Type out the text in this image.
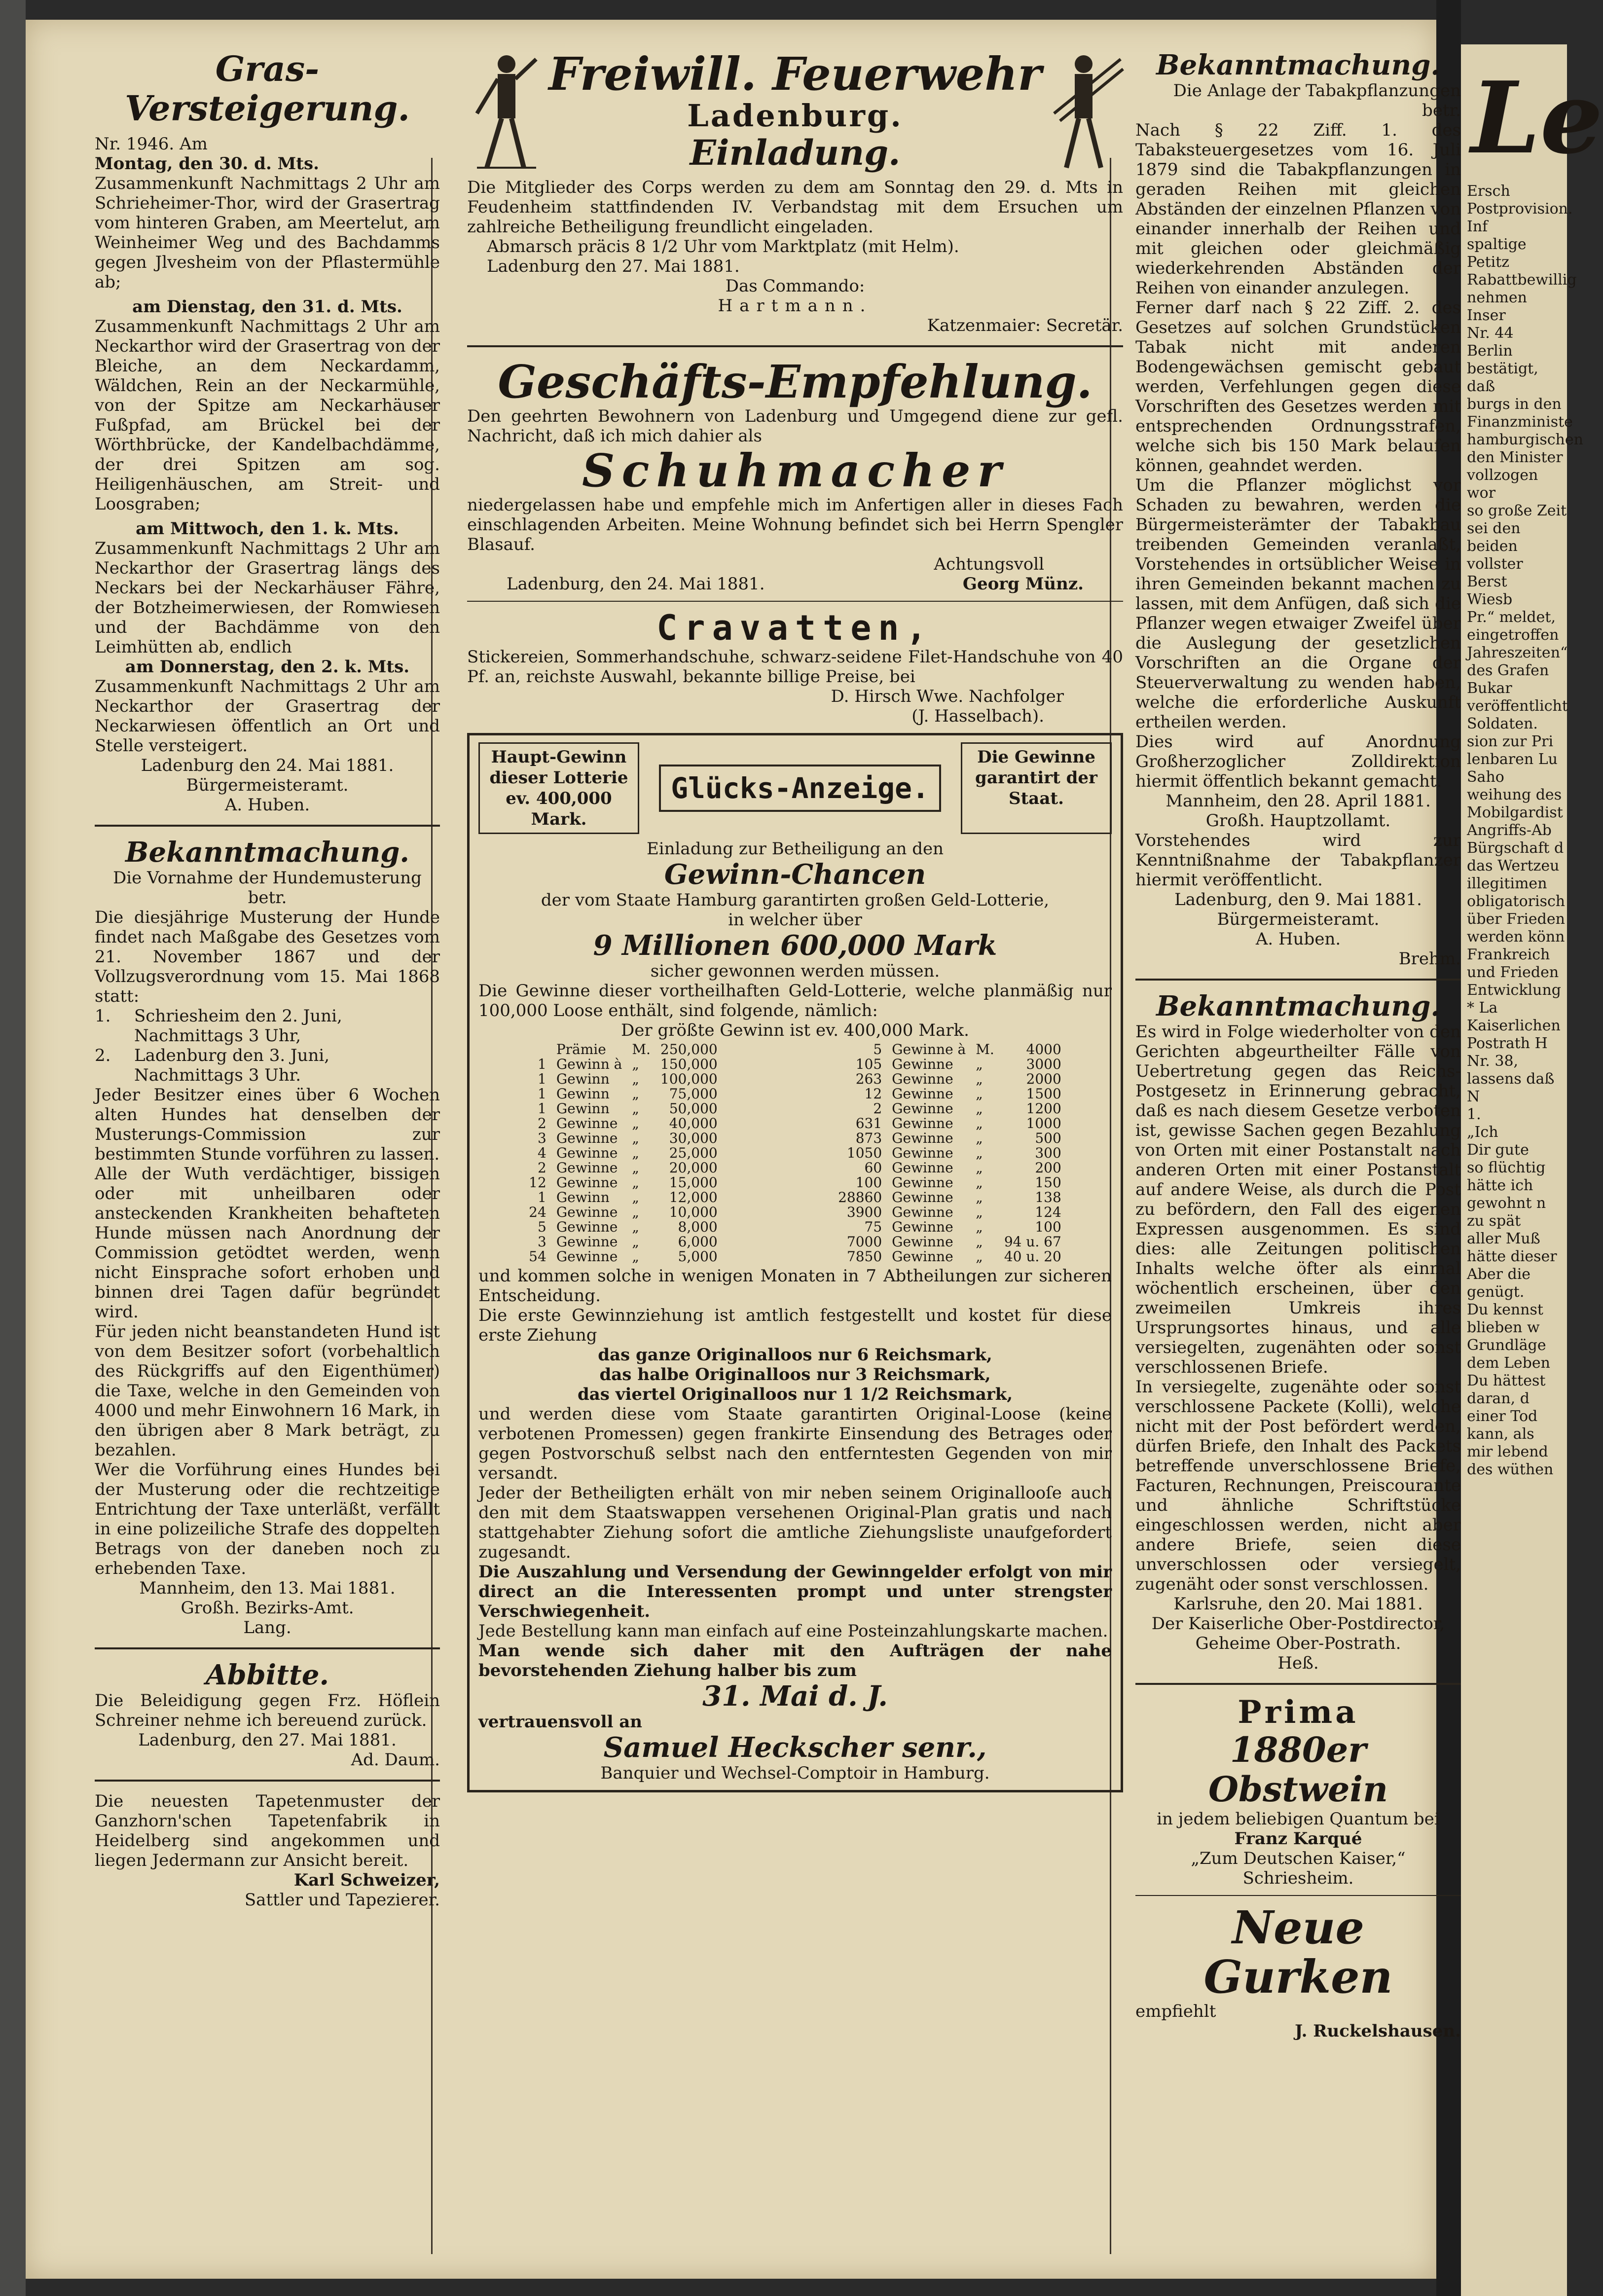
Gras-

Versteigerung.

Nr. 1946. Am

Montag, den 30. d. Mts.

Zusammenkunft Nachmittags 2 Uhr am Schrieheimer-Thor, wird der Grasertrag vom hinteren Graben, am Meertelut, am Weinheimer Weg und des Bachdamms gegen Jlvesheim von der Pflastermühle ab;

am Dienstag, den 31. d. Mts.

Zusammenkunft Nachmittags 2 Uhr am Neckarthor wird der Grasertrag von der Bleiche, an dem Neckardamm, Wäldchen, Rein an der Neckarmühle, von der Spitze am Neckarhäuser Fußpfad, am Brückel bei der Wörthbrücke, der Kandelbachdämme, der drei Spitzen am sog. Heiligenhäuschen, am Streit- und Loosgraben;

am Mittwoch, den 1. k. Mts.

Zusammenkunft Nachmittags 2 Uhr am Neckarthor der Grasertrag längs des Neckars bei der Neckarhäuser Fähre, der Botzheimerwiesen, der Romwiesen und der Bachdämme von den Leimhütten ab, endlich

am Donnerstag, den 2. k. Mts.

Zusammenkunft Nachmittags 2 Uhr am Neckarthor der Grasertrag der Neckarwiesen öffentlich an Ort und Stelle versteigert.

Ladenburg den 24. Mai 1881.

Bürgermeisteramt.

A. Huben.

Bekanntmachung.

Die Vornahme der Hundemusterung betr.

Die diesjährige Musterung der Hunde findet nach Maßgabe des Gesetzes vom 21. November 1867 und der Vollzugsverordnung vom 15. Mai 1868 statt:

1.	Schriesheim den 2. Juni, Nachmittags 3 Uhr,
2.	Ladenburg den 3. Juni, Nachmittags 3 Uhr.

Jeder Besitzer eines über 6 Wochen alten Hundes hat denselben der Musterungs-Commission zur bestimmten Stunde vorführen zu lassen.

Alle der Wuth verdächtiger, bissigen oder mit unheilbaren oder ansteckenden Krankheiten behafteten Hunde müssen nach Anordnung der Commission getödtet werden, wenn nicht Einsprache sofort erhoben und binnen drei Tagen dafür begründet wird.

Für jeden nicht beanstandeten Hund ist von dem Besitzer sofort (vorbehaltlich des Rückgriffs auf den Eigenthümer) die Taxe, welche in den Gemeinden von 4000 und mehr Einwohnern 16 Mark, in den übrigen aber 8 Mark beträgt, zu bezahlen.

Wer die Vorführung eines Hundes bei der Musterung oder die rechtzeitige Entrichtung der Taxe unterläßt, verfällt in eine polizeiliche Strafe des doppelten Betrags von der daneben noch zu erhebenden Taxe.

Mannheim, den 13. Mai 1881.

Großh. Bezirks-Amt.

Lang.

Abbitte.

Die Beleidigung gegen Frz. Höflein Schreiner nehme ich bereuend zurück.

Ladenburg, den 27. Mai 1881.

Ad. Daum.

Die neuesten Tapetenmuster der Ganzhorn'schen Tapetenfabrik in Heidelberg sind angekommen und liegen Jedermann zur Ansicht bereit.

Karl Schweizer,

Sattler und Tapezierer.

Freiwill. Feuerwehr

Ladenburg.

Einladung.

Die Mitglieder des Corps werden zu dem am Sonntag den 29. d. Mts in Feudenheim stattfindenden IV. Verbandstag mit dem Ersuchen um zahlreiche Betheiligung freundlicht eingeladen.

Abmarsch präcis 8 1/2 Uhr vom Marktplatz (mit Helm).

Ladenburg den 27. Mai 1881.

Das Commando:

Hartmann.

Katzenmaier: Secretär.

Geschäfts-Empfehlung.

Den geehrten Bewohnern von Ladenburg und Umgegend diene zur gefl. Nachricht, daß ich mich dahier als

Schuhmacher

niedergelassen habe und empfehle mich im Anfertigen aller in dieses Fach einschlagenden Arbeiten. Meine Wohnung befindet sich bei Herrn Spengler Blasauf.

Achtungsvoll

Ladenburg, den 24. Mai 1881.	Georg Münz.

Cravatten,

Stickereien, Sommerhandschuhe, schwarz-seidene Filet-Handschuhe von 40 Pf. an, reichste Auswahl, bekannte billige Preise, bei

D. Hirsch Wwe. Nachfolger

(J. Hasselbach).

Haupt-Gewinn dieser Lotterie ev. 400,000 Mark.
Glücks-Anzeige.
Die Gewinne garantirt der Staat.

Einladung zur Betheiligung an den

Gewinn-Chancen

der vom Staate Hamburg garantirten großen Geld-Lotterie,

in welcher über

9 Millionen 600,000 Mark

sicher gewonnen werden müssen.

Die Gewinne dieser vortheilhaften Geld-Lotterie, welche planmäßig nur 100,000 Loose enthält, sind folgende, nämlich:

Der größte Gewinn ist ev. 400,000 Mark.

	Prämie	M.	250,000
1	Gewinn à	„	150,000
1	Gewinn	„	100,000
1	Gewinn	„	75,000
1	Gewinn	„	50,000
2	Gewinne	„	40,000
3	Gewinne	„	30,000
4	Gewinne	„	25,000
2	Gewinne	„	20,000
12	Gewinne	„	15,000
1	Gewinn	„	12,000
24	Gewinne	„	10,000
5	Gewinne	„	8,000
3	Gewinne	„	6,000
54	Gewinne	„	5,000
5	Gewinne à	M.	4000
105	Gewinne	„	3000
263	Gewinne	„	2000
12	Gewinne	„	1500
2	Gewinne	„	1200
631	Gewinne	„	1000
873	Gewinne	„	500
1050	Gewinne	„	300
60	Gewinne	„	200
100	Gewinne	„	150
28860	Gewinne	„	138
3900	Gewinne	„	124
75	Gewinne	„	100
7000	Gewinne	„	94 u. 67
7850	Gewinne	„	40 u. 20

und kommen solche in wenigen Monaten in 7 Abtheilungen zur sicheren Entscheidung.

Die erste Gewinnziehung ist amtlich festgestellt und kostet für diese erste Ziehung

das ganze Originalloos nur 6 Reichsmark,

das halbe Originalloos nur 3 Reichsmark,

das viertel Originalloos nur 1 1/2 Reichsmark,

und werden diese vom Staate garantirten Original-Loose (keine verbotenen Promessen) gegen frankirte Einsendung des Betrages oder gegen Postvorschuß selbst nach den entferntesten Gegenden von mir versandt.

Jeder der Betheiligten erhält von mir neben seinem Originallooſe auch den mit dem Staatswappen versehenen Original-Plan gratis und nach stattgehabter Ziehung sofort die amtliche Ziehungsliste unaufgefordert zugesandt.

Die Auszahlung und Versendung der Gewinngelder erfolgt von mir direct an die Interessenten prompt und unter strengster Verschwiegenheit.

Jede Bestellung kann man einfach auf eine Posteinzahlungskarte machen.

Man wende sich daher mit den Aufträgen der nahe bevorstehenden Ziehung halber bis zum

31. Mai d. J.

vertrauensvoll an

Samuel Heckscher senr.,

Banquier und Wechsel-Comptoir in Hamburg.

Bekanntmachung.

Die Anlage der Tabakpflanzungen betr.

Nach § 22 Ziff. 1. des Tabaksteuergesetzes vom 16. Juli 1879 sind die Tabakpflanzungen in geraden Reihen mit gleichen Abständen der einzelnen Pflanzen von einander innerhalb der Reihen und mit gleichen oder gleichmäßig wiederkehrenden Abständen der Reihen von einander anzulegen.

Ferner darf nach § 22 Ziff. 2. des Gesetzes auf solchen Grundstücken Tabak nicht mit anderen Bodengewächsen gemischt gebaut werden, Verfehlungen gegen diese Vorschriften des Gesetzes werden mit entsprechenden Ordnungsstrafen, welche sich bis 150 Mark belaufen können, geahndet werden.

Um die Pflanzer möglichst vor Schaden zu bewahren, werden die Bürgermeisterämter der Tabakbau treibenden Gemeinden veranlaßt, Vorstehendes in ortsüblicher Weise in ihren Gemeinden bekannt machen zu lassen, mit dem Anfügen, daß sich die Pflanzer wegen etwaiger Zweifel über die Auslegung der gesetzlichen Vorschriften an die Organe der Steuerverwaltung zu wenden haben, welche die erforderliche Auskunft ertheilen werden.

Dies wird auf Anordnung Großherzoglicher Zolldirektion hiermit öffentlich bekannt gemacht.

Mannheim, den 28. April 1881.

Großh. Hauptzollamt.

Vorstehendes wird zur Kenntnißnahme der Tabakpflanzer hiermit veröffentlicht.

Ladenburg, den 9. Mai 1881.

Bürgermeisteramt.

A. Huben.

Brehm.

Bekanntmachung.

Es wird in Folge wiederholter von den Gerichten abgeurtheilter Fälle von Uebertretung gegen das Reichs-Postgesetz in Erinnerung gebracht, daß es nach diesem Gesetze verboten ist, gewisse Sachen gegen Bezahlung von Orten mit einer Postanstalt nach anderen Orten mit einer Postanstalt auf andere Weise, als durch die Post zu befördern, den Fall des eigenen Expressen ausgenommen. Es sind dies: alle Zeitungen politischen Inhalts welche öfter als einmal wöchentlich erscheinen, über den zweimeilen Umkreis ihres Ursprungsortes hinaus, und alle versiegelten, zugenähten oder sonst verschlossenen Briefe.

In versiegelte, zugenähte oder sonst verschlossene Packete (Kolli), welche nicht mit der Post befördert werden, dürfen Briefe, den Inhalt des Packets betreffende unverschlossene Briefe, Facturen, Rechnungen, Preiscourante und ähnliche Schriftstücke eingeschlossen werden, nicht aber andere Briefe, seien diese unverschlossen oder versiegelt, zugenäht oder sonst verschlossen.

Karlsruhe, den 20. Mai 1881.

Der Kaiserliche Ober-Postdirector, Geheime Ober-Postrath.

Heß.

Prima

1880er Obstwein

in jedem beliebigen Quantum bei

Franz Karqué

„Zum Deutschen Kaiser,“ Schriesheim.

Neue Gurken

empfiehlt

J. Ruckelshausen.

Le

Ersch

Postprovision.

Inf

spaltige Petitz

Rabattbewillig

nehmen Inser

Nr. 44

Berlin

bestätigt, daß

burgs in den

Finanzministe

hamburgischen

den Minister

vollzogen wor

so große Zeit

sei den beiden

vollster Berst

Wiesb

Pr.“ meldet,

eingetroffen

Jahreszeiten“

des Grafen

Bukar

veröffentlicht

Soldaten.

sion zur Pri

lenbaren Lu

Saho

weihung des

Mobilgardist

Angriffs-Ab

Bürgschaft d

das Wertzeu

illegitimen

obligatorisch

über Frieden

werden könn

Frankreich

und Frieden

Entwicklung

* La

Kaiserlichen

Postrath H

Nr. 38,

lassens daß

N

1.

„Ich

Dir gute

so flüchtig

hätte ich

gewohnt n

zu spät

aller Muß

hätte dieser

Aber die

genügt.

Du kennst

blieben w

Grundläge

dem Leben

Du hättest

daran, d

einer Tod

kann, als

mir lebend

des wüthen
